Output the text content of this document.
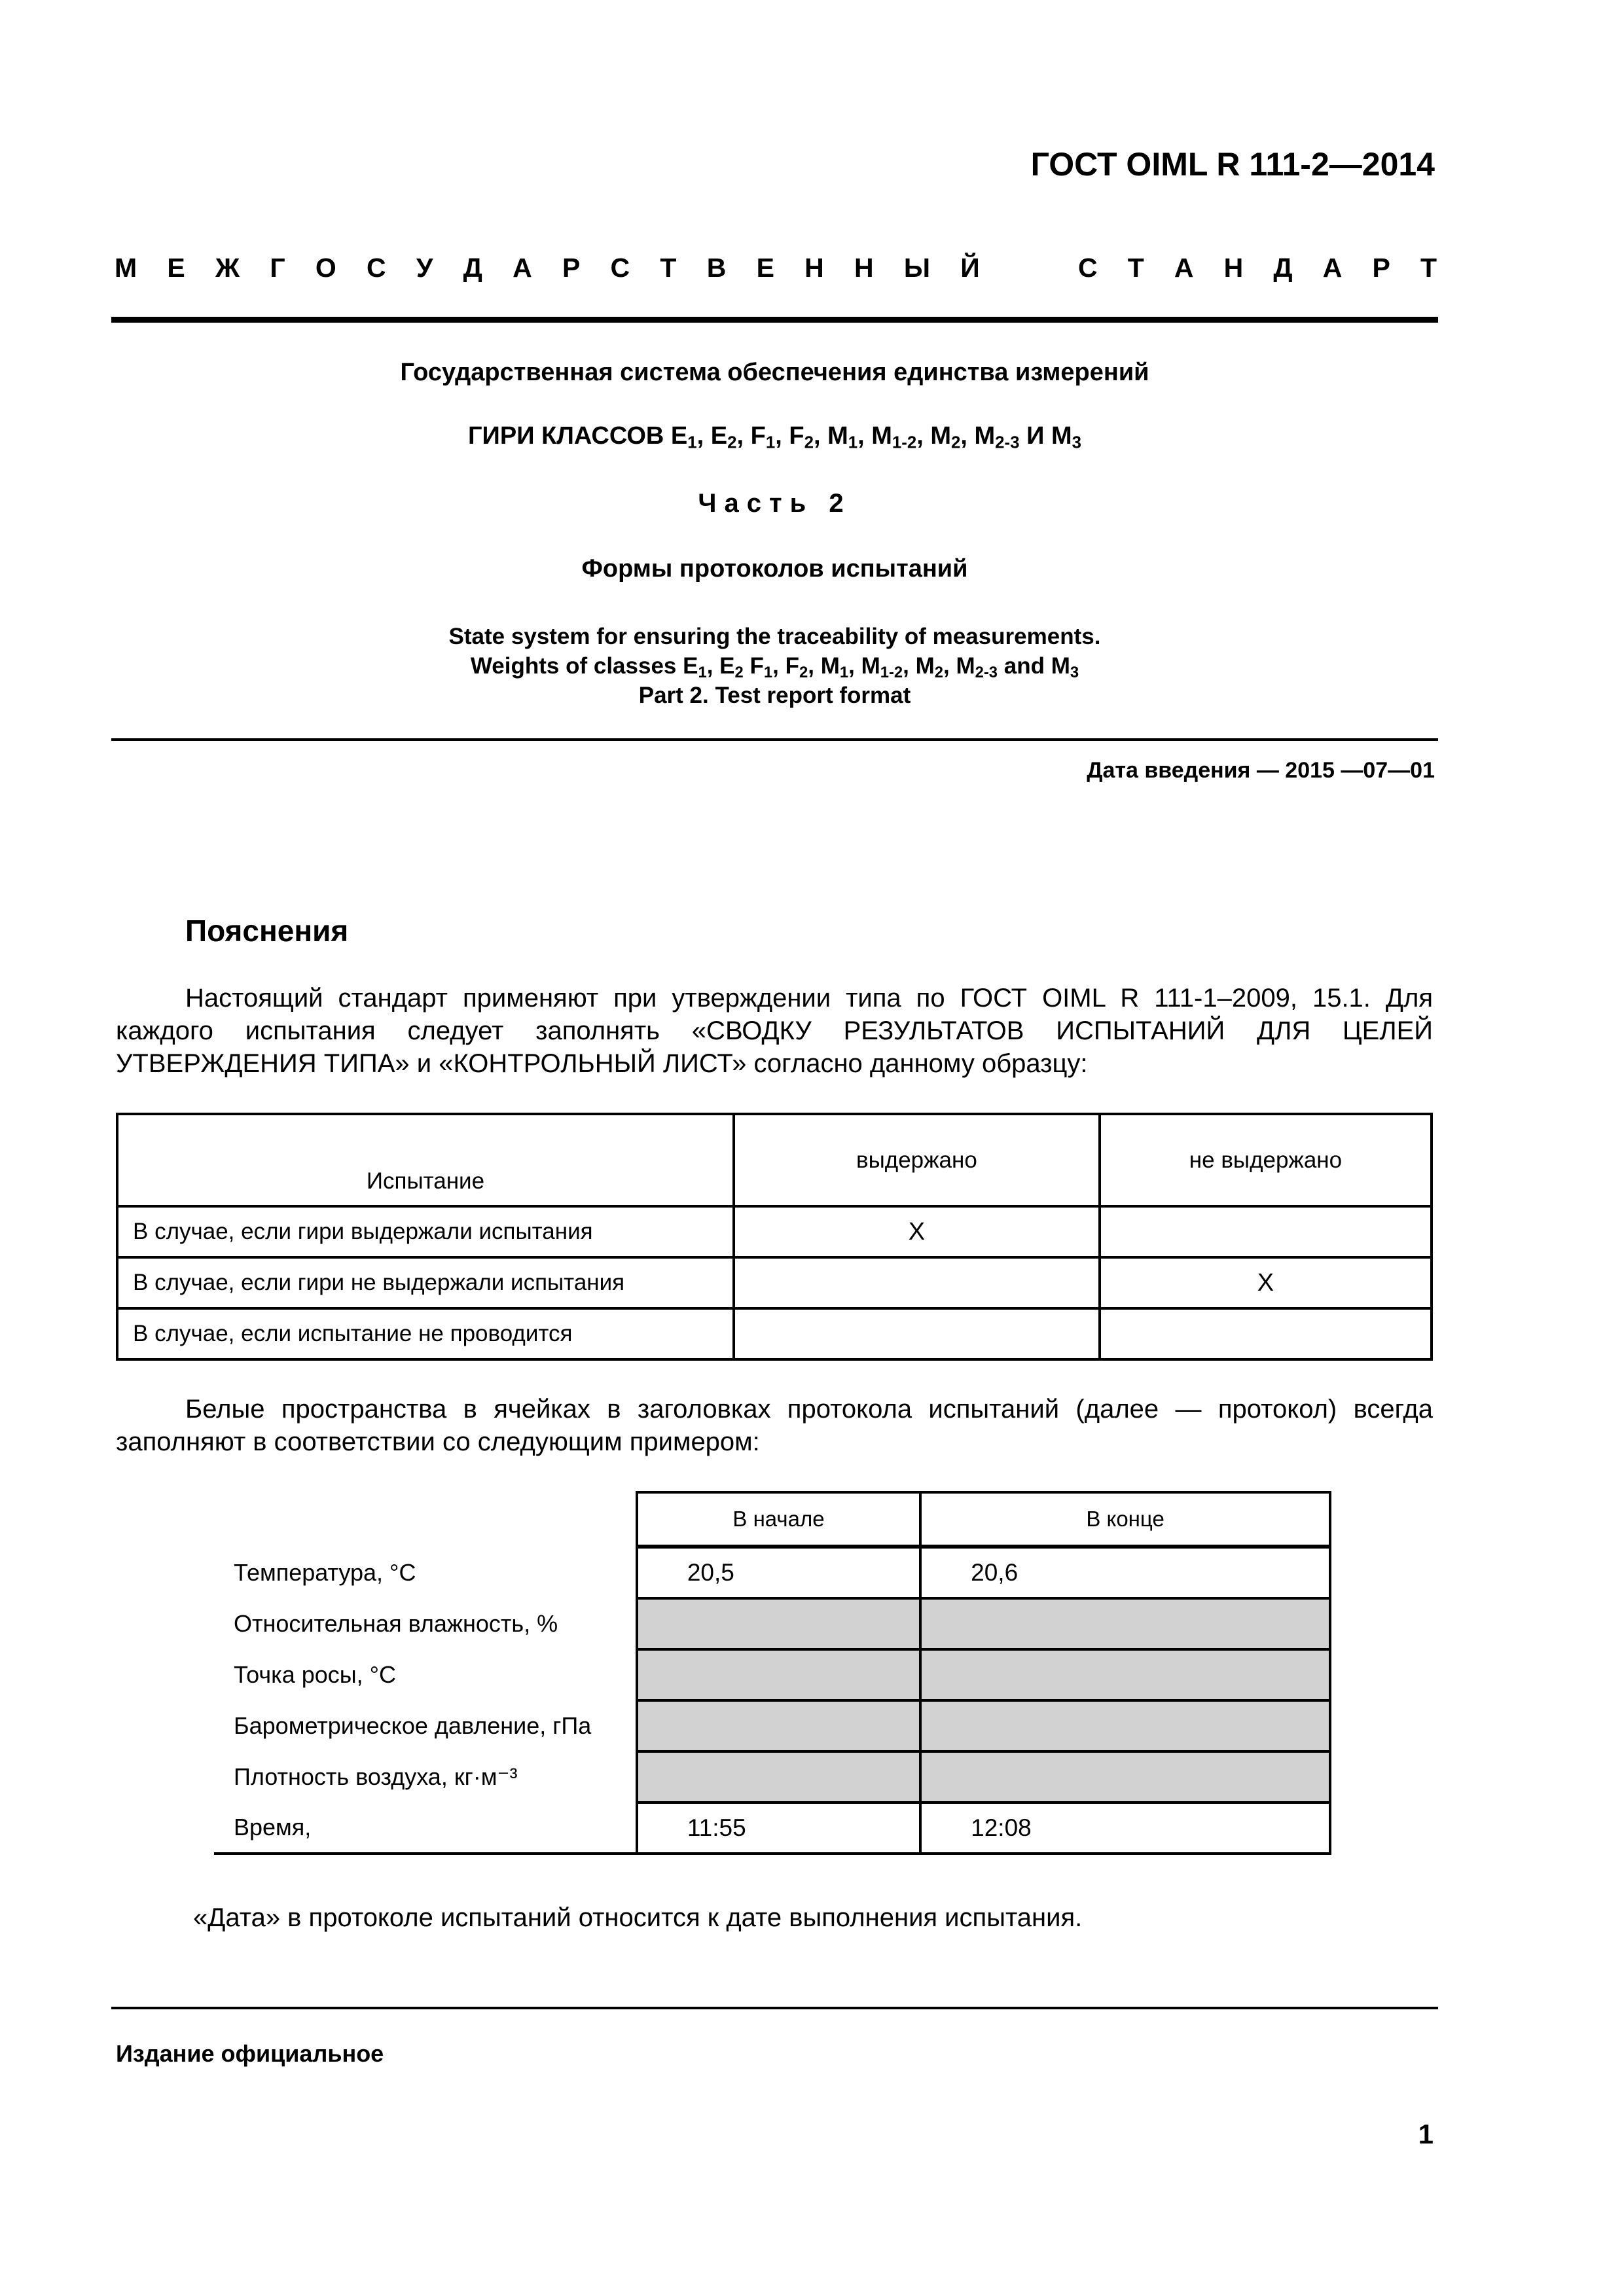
ГОСТ OIML R 111-2—2014
М Е Ж Г О С У Д А Р С Т В Е Н Н Ы Й	С Т А Н Д А Р Т
Государственная система обеспечения единства измерений
ГИРИ КЛАССОВ $E_1$, $E_2$, $F_1$, $F_2$, $M_1$, $M_{1-2}$, $M_2$, $M_{2-3}$ И $M_3$
Часть 2
Формы протоколов испытаний
State system for ensuring the traceability of measurements.
Weights of classes $E_1$, $E_2$ $F_1$, $F_2$, $M_1$, $M_{1-2}$, $M_2$, $M_{2-3}$ and $M_3$
Part 2. Test report format
Дата введения — 2015 —07—01
Пояснения
Настоящий стандарт применяют при утверждении типа по ГОСТ OIML R 111-1–2009, 15.1. Для каждого испытания следует заполнять «СВОДКУ РЕЗУЛЬТАТОВ ИСПЫТАНИЙ ДЛЯ ЦЕЛЕЙ УТВЕРЖДЕНИЯ ТИПА» и «КОНТРОЛЬНЫЙ ЛИСТ» согласно данному образцу:
Испытание	выдержано	не выдержано
В случае, если гири выдержали испытания	X	
В случае, если гири не выдержали испытания		X
В случае, если испытание не проводится		
Белые пространства в ячейках в заголовках протокола испытаний (далее — протокол) всегда заполняют в соответствии со следующим примером:
	В начале	В конце
Температура, °C	20,5	20,6
Относительная влажность, %		
Точка росы, °C		
Барометрическое давление, гПа		
Плотность воздуха, кг·м⁻³		
Время,	11:55	12:08
«Дата» в протоколе испытаний относится к дате выполнения испытания.
Издание официальное
1
